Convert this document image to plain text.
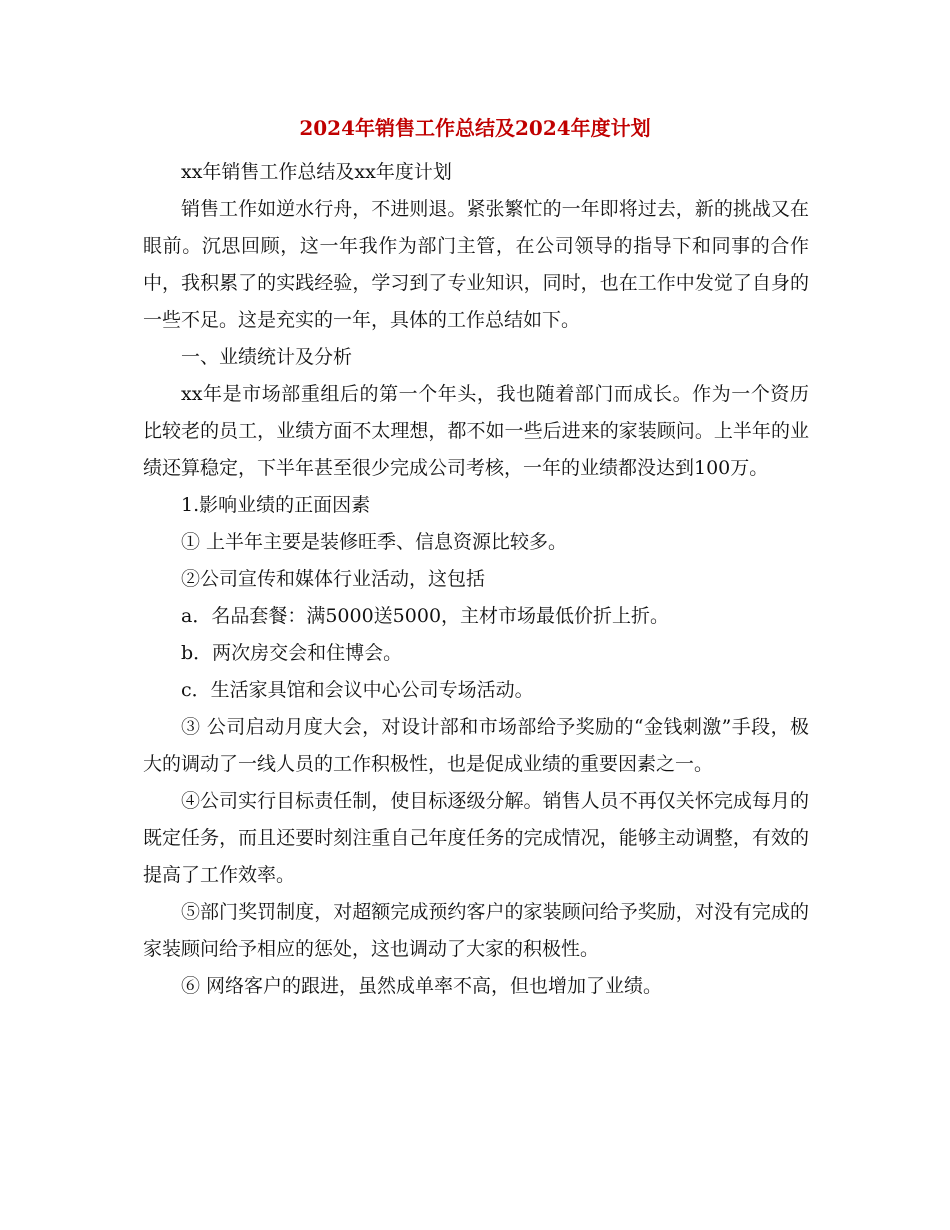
2024年销售工作总结及2024年度计划

xx年销售工作总结及xx年度计划

销售工作如逆水行舟，不进则退。紧张繁忙的一年即将过去，新的挑战又在眼前。沉思回顾，这一年我作为部门主管，在公司领导的指导下和同事的合作中，我积累了的实践经验，学习到了专业知识，同时，也在工作中发觉了自身的一些不足。这是充实的一年，具体的工作总结如下。

一、业绩统计及分析

xx年是市场部重组后的第一个年头，我也随着部门而成长。作为一个资历比较老的员工，业绩方面不太理想，都不如一些后进来的家装顾问。上半年的业绩还算稳定，下半年甚至很少完成公司考核，一年的业绩都没达到100万。

1.影响业绩的正面因素

① 上半年主要是装修旺季、信息资源比较多。

②公司宣传和媒体行业活动，这包括

a．名品套餐：满5000送5000，主材市场最低价折上折。

b．两次房交会和住博会。

c．生活家具馆和会议中心公司专场活动。

③ 公司启动月度大会，对设计部和市场部给予奖励的“金钱刺激”手段，极大的调动了一线人员的工作积极性，也是促成业绩的重要因素之一。

④公司实行目标责任制，使目标逐级分解。销售人员不再仅关怀完成每月的既定任务，而且还要时刻注重自己年度任务的完成情况，能够主动调整，有效的提高了工作效率。

⑤部门奖罚制度，对超额完成预约客户的家装顾问给予奖励，对没有完成的家装顾问给予相应的惩处，这也调动了大家的积极性。

⑥ 网络客户的跟进，虽然成单率不高，但也增加了业绩。
